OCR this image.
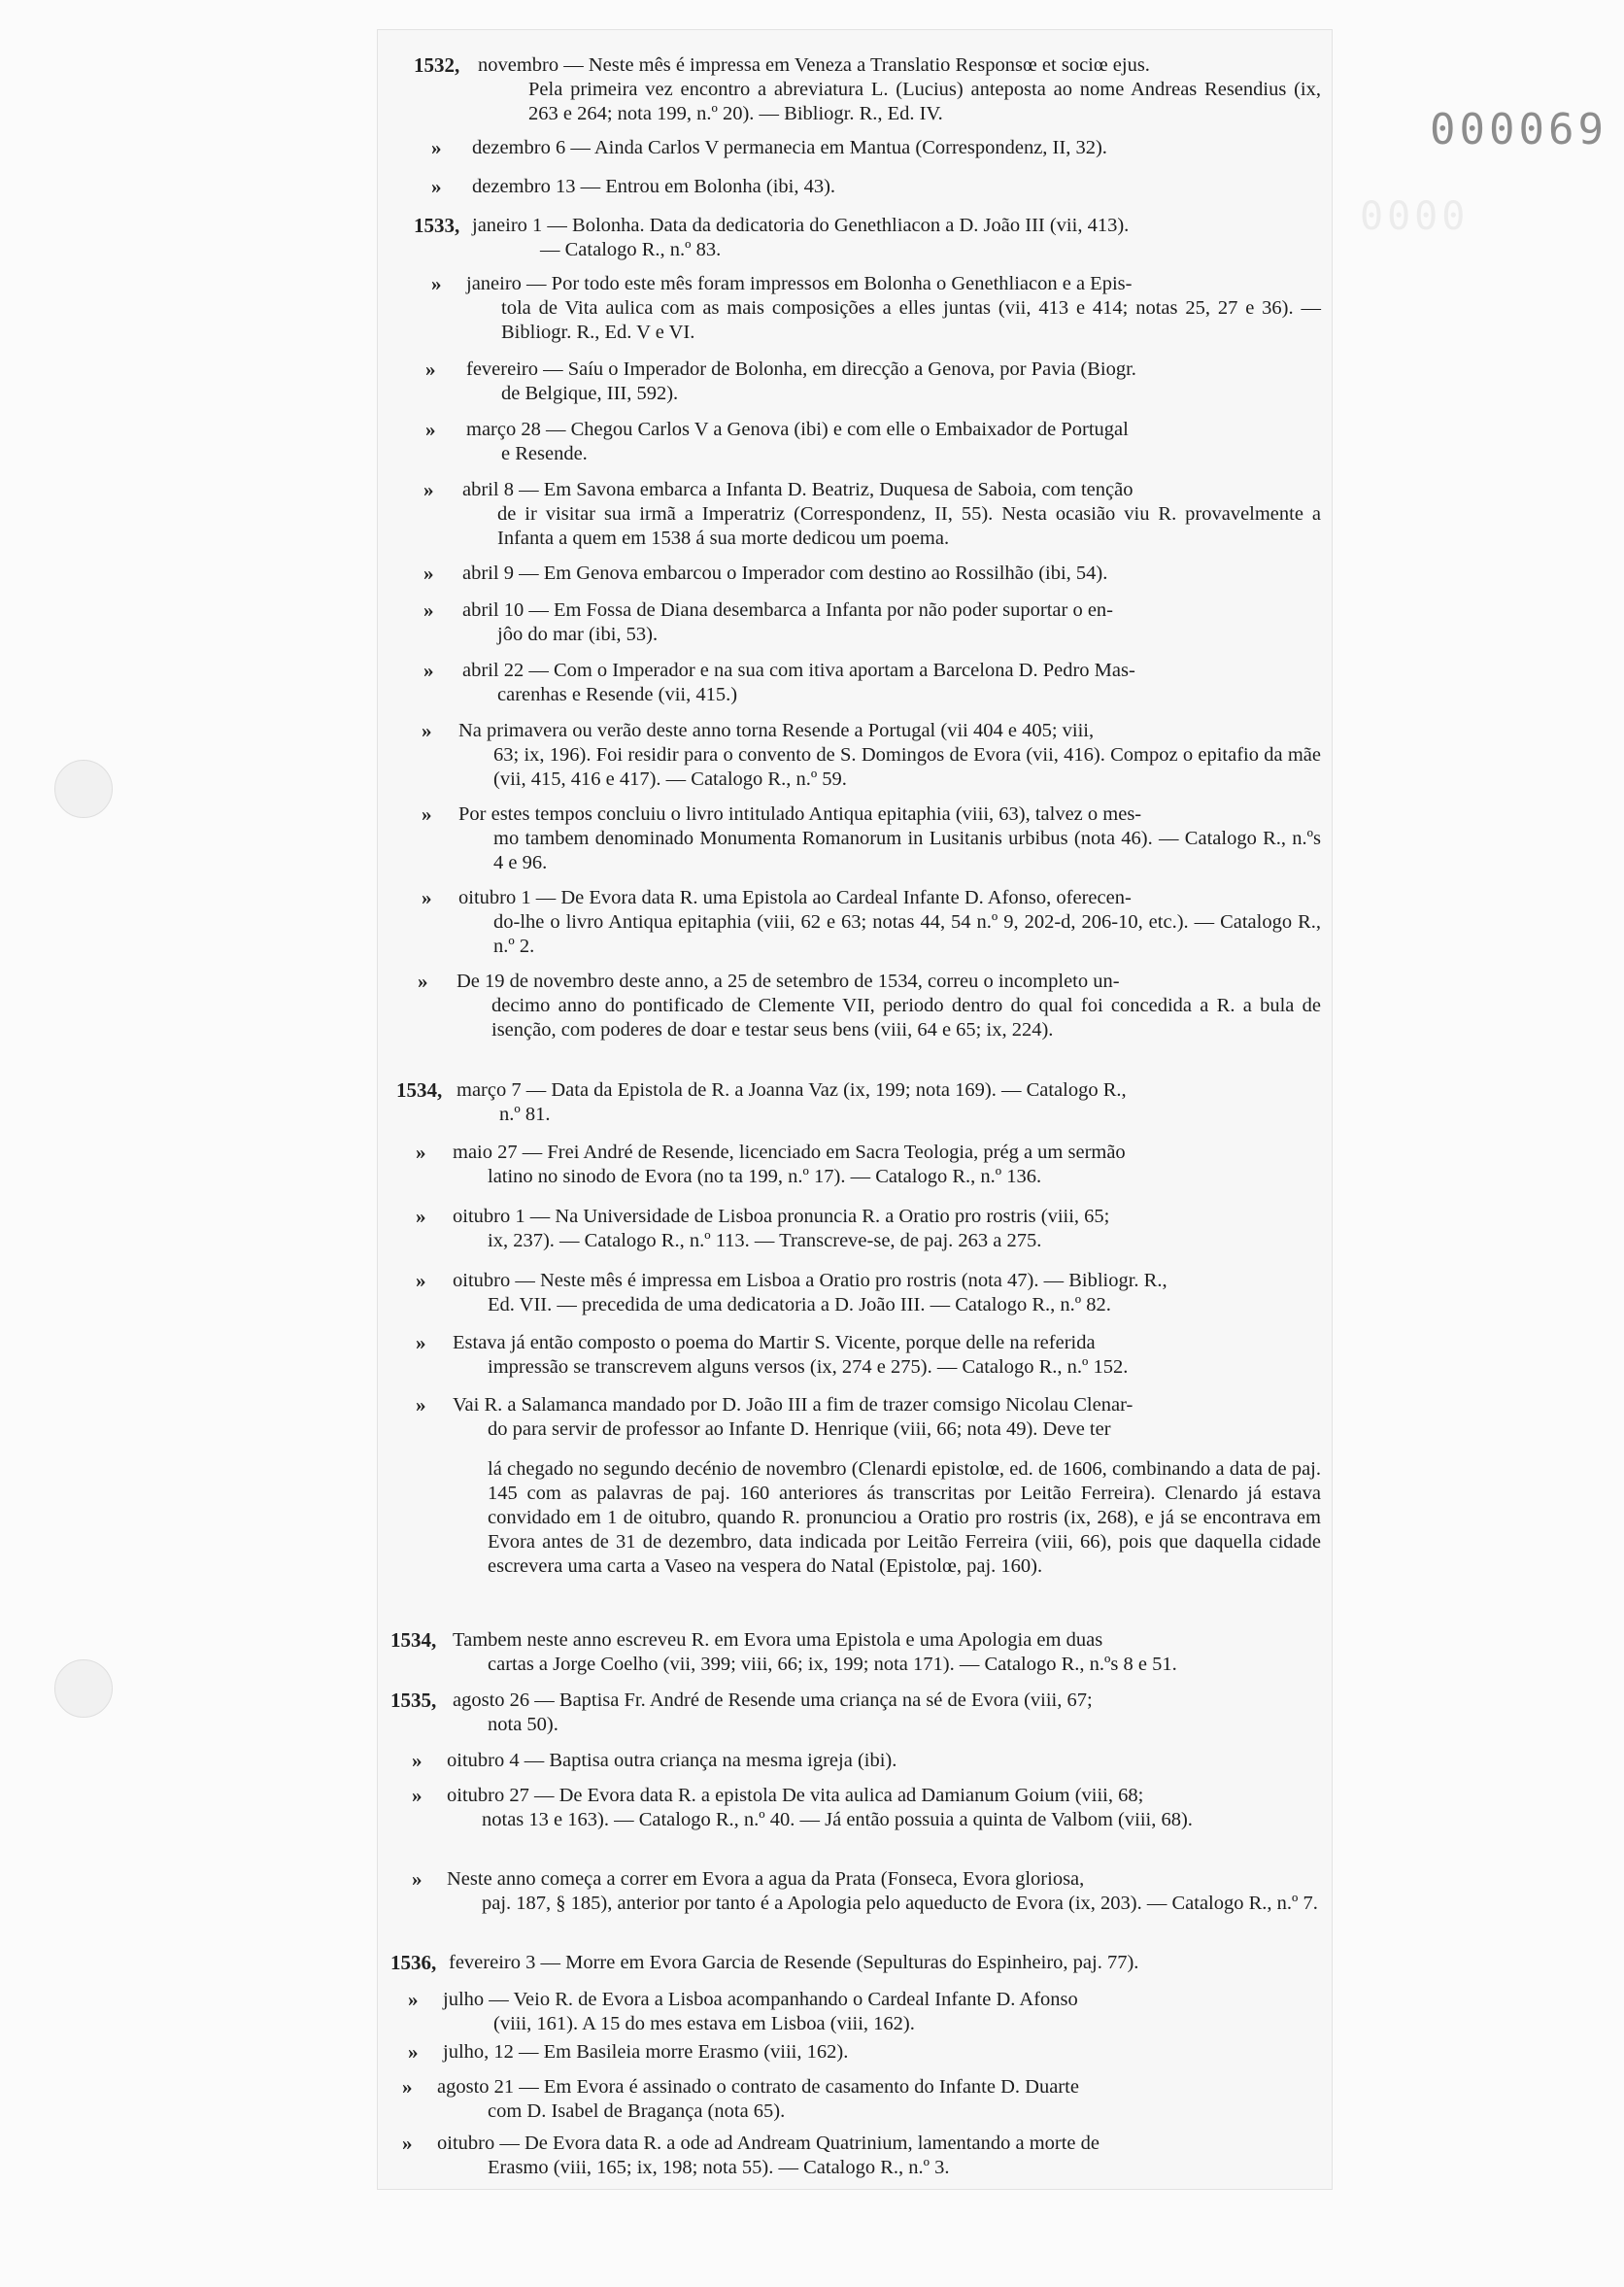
000069
0000
1532, novembro — Neste mês é impressa em Veneza a Translatio Responsœ et sociœ ejus.
Pela primeira vez encontro a abreviatura L. (Lucius) anteposta ao nome Andreas Resendius (ix, 263 e 264; nota 199, n.º 20). — Bibliogr. R., Ed. IV.
» dezembro 6 — Ainda Carlos V permanecia em Mantua (Correspondenz, II, 32).
» dezembro 13 — Entrou em Bolonha (ibi, 43).
1533, janeiro 1 — Bolonha. Data da dedicatoria do Genethliacon a D. João III (vii, 413).
— Catalogo R., n.º 83.
» janeiro — Por todo este mês foram impressos em Bolonha o Genethliacon e a Epis-
tola de Vita aulica com as mais composições a elles juntas (vii, 413 e 414; notas 25, 27 e 36). — Bibliogr. R., Ed. V e VI.
» fevereiro — Saíu o Imperador de Bolonha, em direcção a Genova, por Pavia (Biogr.
de Belgique, III, 592).
» março 28 — Chegou Carlos V a Genova (ibi) e com elle o Embaixador de Portugal
e Resende.
» abril 8 — Em Savona embarca a Infanta D. Beatriz, Duquesa de Saboia, com tenção
de ir visitar sua irmã a Imperatriz (Correspondenz, II, 55). Nesta ocasião viu R. provavelmente a Infanta a quem em 1538 á sua morte dedicou um poema.
» abril 9 — Em Genova embarcou o Imperador com destino ao Rossilhão (ibi, 54).
» abril 10 — Em Fossa de Diana desembarca a Infanta por não poder suportar o en-
jôo do mar (ibi, 53).
» abril 22 — Com o Imperador e na sua com itiva aportam a Barcelona D. Pedro Mas-
carenhas e Resende (vii, 415.)
» Na primavera ou verão deste anno torna Resende a Portugal (vii 404 e 405; viii,
63; ix, 196). Foi residir para o convento de S. Domingos de Evora (vii, 416). Compoz o epitafio da mãe (vii, 415, 416 e 417). — Catalogo R., n.º 59.
» Por estes tempos concluiu o livro intitulado Antiqua epitaphia (viii, 63), talvez o mes-
mo tambem denominado Monumenta Romanorum in Lusitanis urbibus (nota 46). — Catalogo R., n.ºs 4 e 96.
» oitubro 1 — De Evora data R. uma Epistola ao Cardeal Infante D. Afonso, oferecen-
do-lhe o livro Antiqua epitaphia (viii, 62 e 63; notas 44, 54 n.º 9, 202-d, 206-10, etc.). — Catalogo R., n.º 2.
» De 19 de novembro deste anno, a 25 de setembro de 1534, correu o incompleto un-
decimo anno do pontificado de Clemente VII, periodo dentro do qual foi concedida a R. a bula de isenção, com poderes de doar e testar seus bens (viii, 64 e 65; ix, 224).
1534, março 7 — Data da Epistola de R. a Joanna Vaz (ix, 199; nota 169). — Catalogo R.,
n.º 81.
» maio 27 — Frei André de Resende, licenciado em Sacra Teologia, prég a um sermão
latino no sinodo de Evora (no ta 199, n.º 17). — Catalogo R., n.º 136.
» oitubro 1 — Na Universidade de Lisboa pronuncia R. a Oratio pro rostris (viii, 65;
ix, 237). — Catalogo R., n.º 113. — Transcreve-se, de paj. 263 a 275.
» oitubro — Neste mês é impressa em Lisboa a Oratio pro rostris (nota 47). — Bibliogr. R.,
Ed. VII. — precedida de uma dedicatoria a D. João III. — Catalogo R., n.º 82.
» Estava já então composto o poema do Martir S. Vicente, porque delle na referida
impressão se transcrevem alguns versos (ix, 274 e 275). — Catalogo R., n.º 152.
» Vai R. a Salamanca mandado por D. João III a fim de trazer comsigo Nicolau Clenar-
do para servir de professor ao Infante D. Henrique (viii, 66; nota 49). Deve ter
lá chegado no segundo decénio de novembro (Clenardi epistolœ, ed. de 1606, combinando a data de paj. 145 com as palavras de paj. 160 anteriores ás transcritas por Leitão Ferreira). Clenardo já estava convidado em 1 de oitubro, quando R. pronunciou a Oratio pro rostris (ix, 268), e já se encontrava em Evora antes de 31 de dezembro, data indicada por Leitão Ferreira (viii, 66), pois que daquella cidade escrevera uma carta a Vaseo na vespera do Natal (Epistolœ, paj. 160).
1534, Tambem neste anno escreveu R. em Evora uma Epistola e uma Apologia em duas
cartas a Jorge Coelho (vii, 399; viii, 66; ix, 199; nota 171). — Catalogo R., n.ºs 8 e 51.
1535, agosto 26 — Baptisa Fr. André de Resende uma criança na sé de Evora (viii, 67;
nota 50).
» oitubro 4 — Baptisa outra criança na mesma igreja (ibi).
» oitubro 27 — De Evora data R. a epistola De vita aulica ad Damianum Goium (viii, 68;
notas 13 e 163). — Catalogo R., n.º 40. — Já então possuia a quinta de Valbom (viii, 68).
» Neste anno começa a correr em Evora a agua da Prata (Fonseca, Evora gloriosa,
paj. 187, § 185), anterior por tanto é a Apologia pelo aqueducto de Evora (ix, 203). — Catalogo R., n.º 7.
1536, fevereiro 3 — Morre em Evora Garcia de Resende (Sepulturas do Espinheiro, paj. 77).
» julho — Veio R. de Evora a Lisboa acompanhando o Cardeal Infante D. Afonso
(viii, 161). A 15 do mes estava em Lisboa (viii, 162).
» julho, 12 — Em Basileia morre Erasmo (viii, 162).
» agosto 21 — Em Evora é assinado o contrato de casamento do Infante D. Duarte
com D. Isabel de Bragança (nota 65).
» oitubro — De Evora data R. a ode ad Andream Quatrinium, lamentando a morte de
Erasmo (viii, 165; ix, 198; nota 55). — Catalogo R., n.º 3.
